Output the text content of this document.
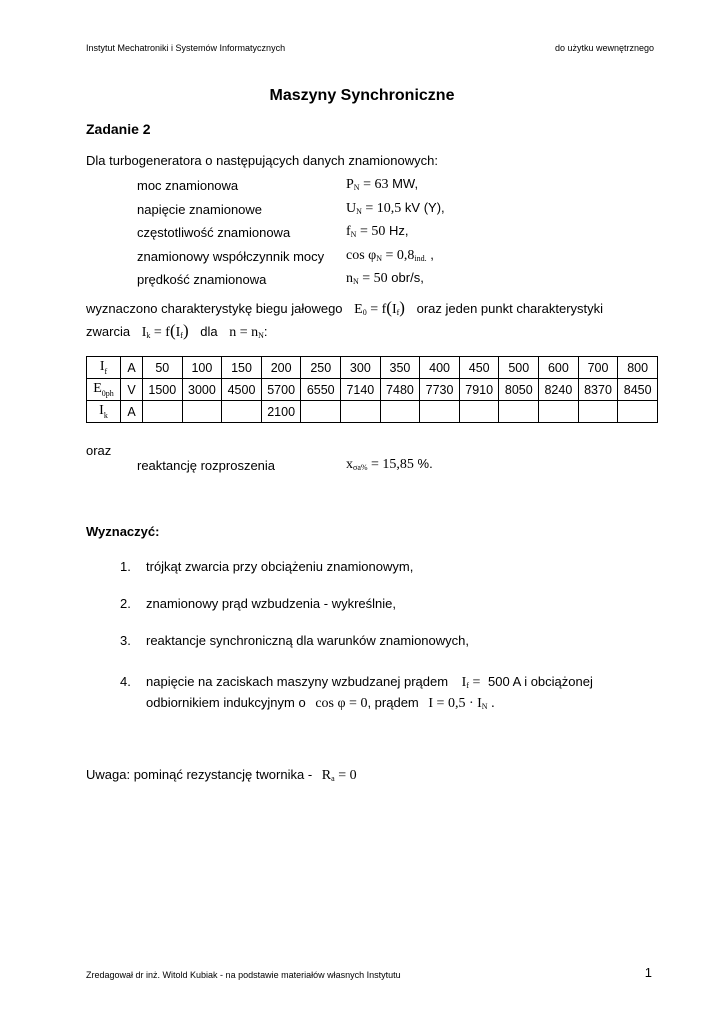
Instytut Mechatroniki i Systemów Informatycznych	do użytku wewnętrznego
Maszyny Synchroniczne
Zadanie 2
Dla turbogeneratora o następujących danych znamionowych:
moc znamionowa	$P_N = 63$ MW,
napięcie znamionowe	$U_N = 10,5$ kV (Y),
częstotliwość znamionowa	$f_N = 50$ Hz,
znamionowy współczynnik mocy $\cos \varphi_N = 0,8_{ind.}$ ,
prędkość znamionowa	$n_N = 50$ obr/s,
wyznaczono charakterystykę biegu jałowego $E_0 = f(I_f)$ oraz jeden punkt charakterystyki
zwarcia $I_k = f(I_f)$ dla $n = n_N$:
$I_f$	A	50	100	150	200	250	300	350	400	450	500	600	700	800
$E_{0ph}$	V	1500	3000	4500	5700	6550	7140	7480	7730	7910	8050	8240	8370	8450
$I_k$	A				2100									
oraz
reaktancję rozproszenia	$x_{\sigma a\%} = 15,85$ %.
Wyznaczyć:
1. trójkąt zwarcia przy obciążeniu znamionowym,
2. znamionowy prąd wzbudzenia - wykreślnie,
3. reaktancje synchroniczną dla warunków znamionowych,
4. napięcie na zaciskach maszyny wzbudzanej prądem $I_f = 500$ A i obciążonej
odbiornikiem indukcyjnym o cos φ = 0, prądem $I = 0,5 \cdot I_N$ .
Uwaga: pominąć rezystancję twornika - $R_a = 0$
Zredagował dr inż. Witold Kubiak - na podstawie materiałów własnych Instytutu	1
